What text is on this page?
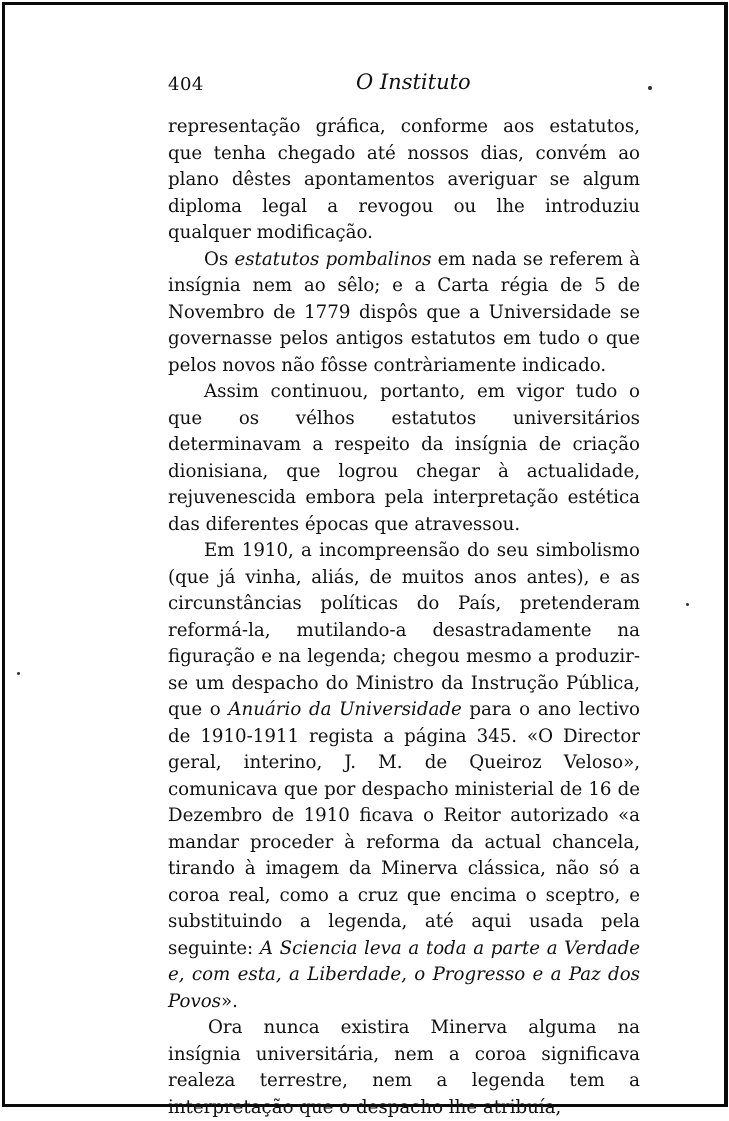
404	O Instituto

representação gráfica, conforme aos estatutos, que tenha chegado até nossos dias, convém ao plano dêstes apontamentos averiguar se algum diploma legal a revogou ou lhe introduziu qualquer modificação.

Os estatutos pombalinos em nada se referem à insígnia nem ao sêlo; e a Carta régia de 5 de Novembro de 1779 dispôs que a Universidade se governasse pelos antigos estatutos em tudo o que pelos novos não fôsse contràriamente indicado.

Assim continuou, portanto, em vigor tudo o que os vélhos estatutos universitários determinavam a respeito da insígnia de criação dionisiana, que logrou chegar à actualidade, rejuvenescida embora pela interpretação estética das diferentes épocas que atravessou.

Em 1910, a incompreensão do seu simbolismo (que já vinha, aliás, de muitos anos antes), e as circunstâncias políticas do País, pretenderam reformá-la, mutilando-a desastradamente na figuração e na legenda; chegou mesmo a produzir-se um despacho do Ministro da Instrução Pública, que o Anuário da Universidade para o ano lectivo de 1910-1911 regista a página 345. «O Director geral, interino, J. M. de Queiroz Veloso», comunicava que por despacho ministerial de 16 de Dezembro de 1910 ficava o Reitor autorizado «a mandar proceder à reforma da actual chancela, tirando à imagem da Minerva clássica, não só a coroa real, como a cruz que encima o sceptro, e substituindo a legenda, até aqui usada pela seguinte: A Sciencia leva a toda a parte a Verdade e, com esta, a Liberdade, o Progresso e a Paz dos Povos».

Ora nunca existira Minerva alguma na insígnia universitária, nem a coroa significava realeza terrestre, nem a legenda tem a interpretação que o despacho lhe atribuía,
